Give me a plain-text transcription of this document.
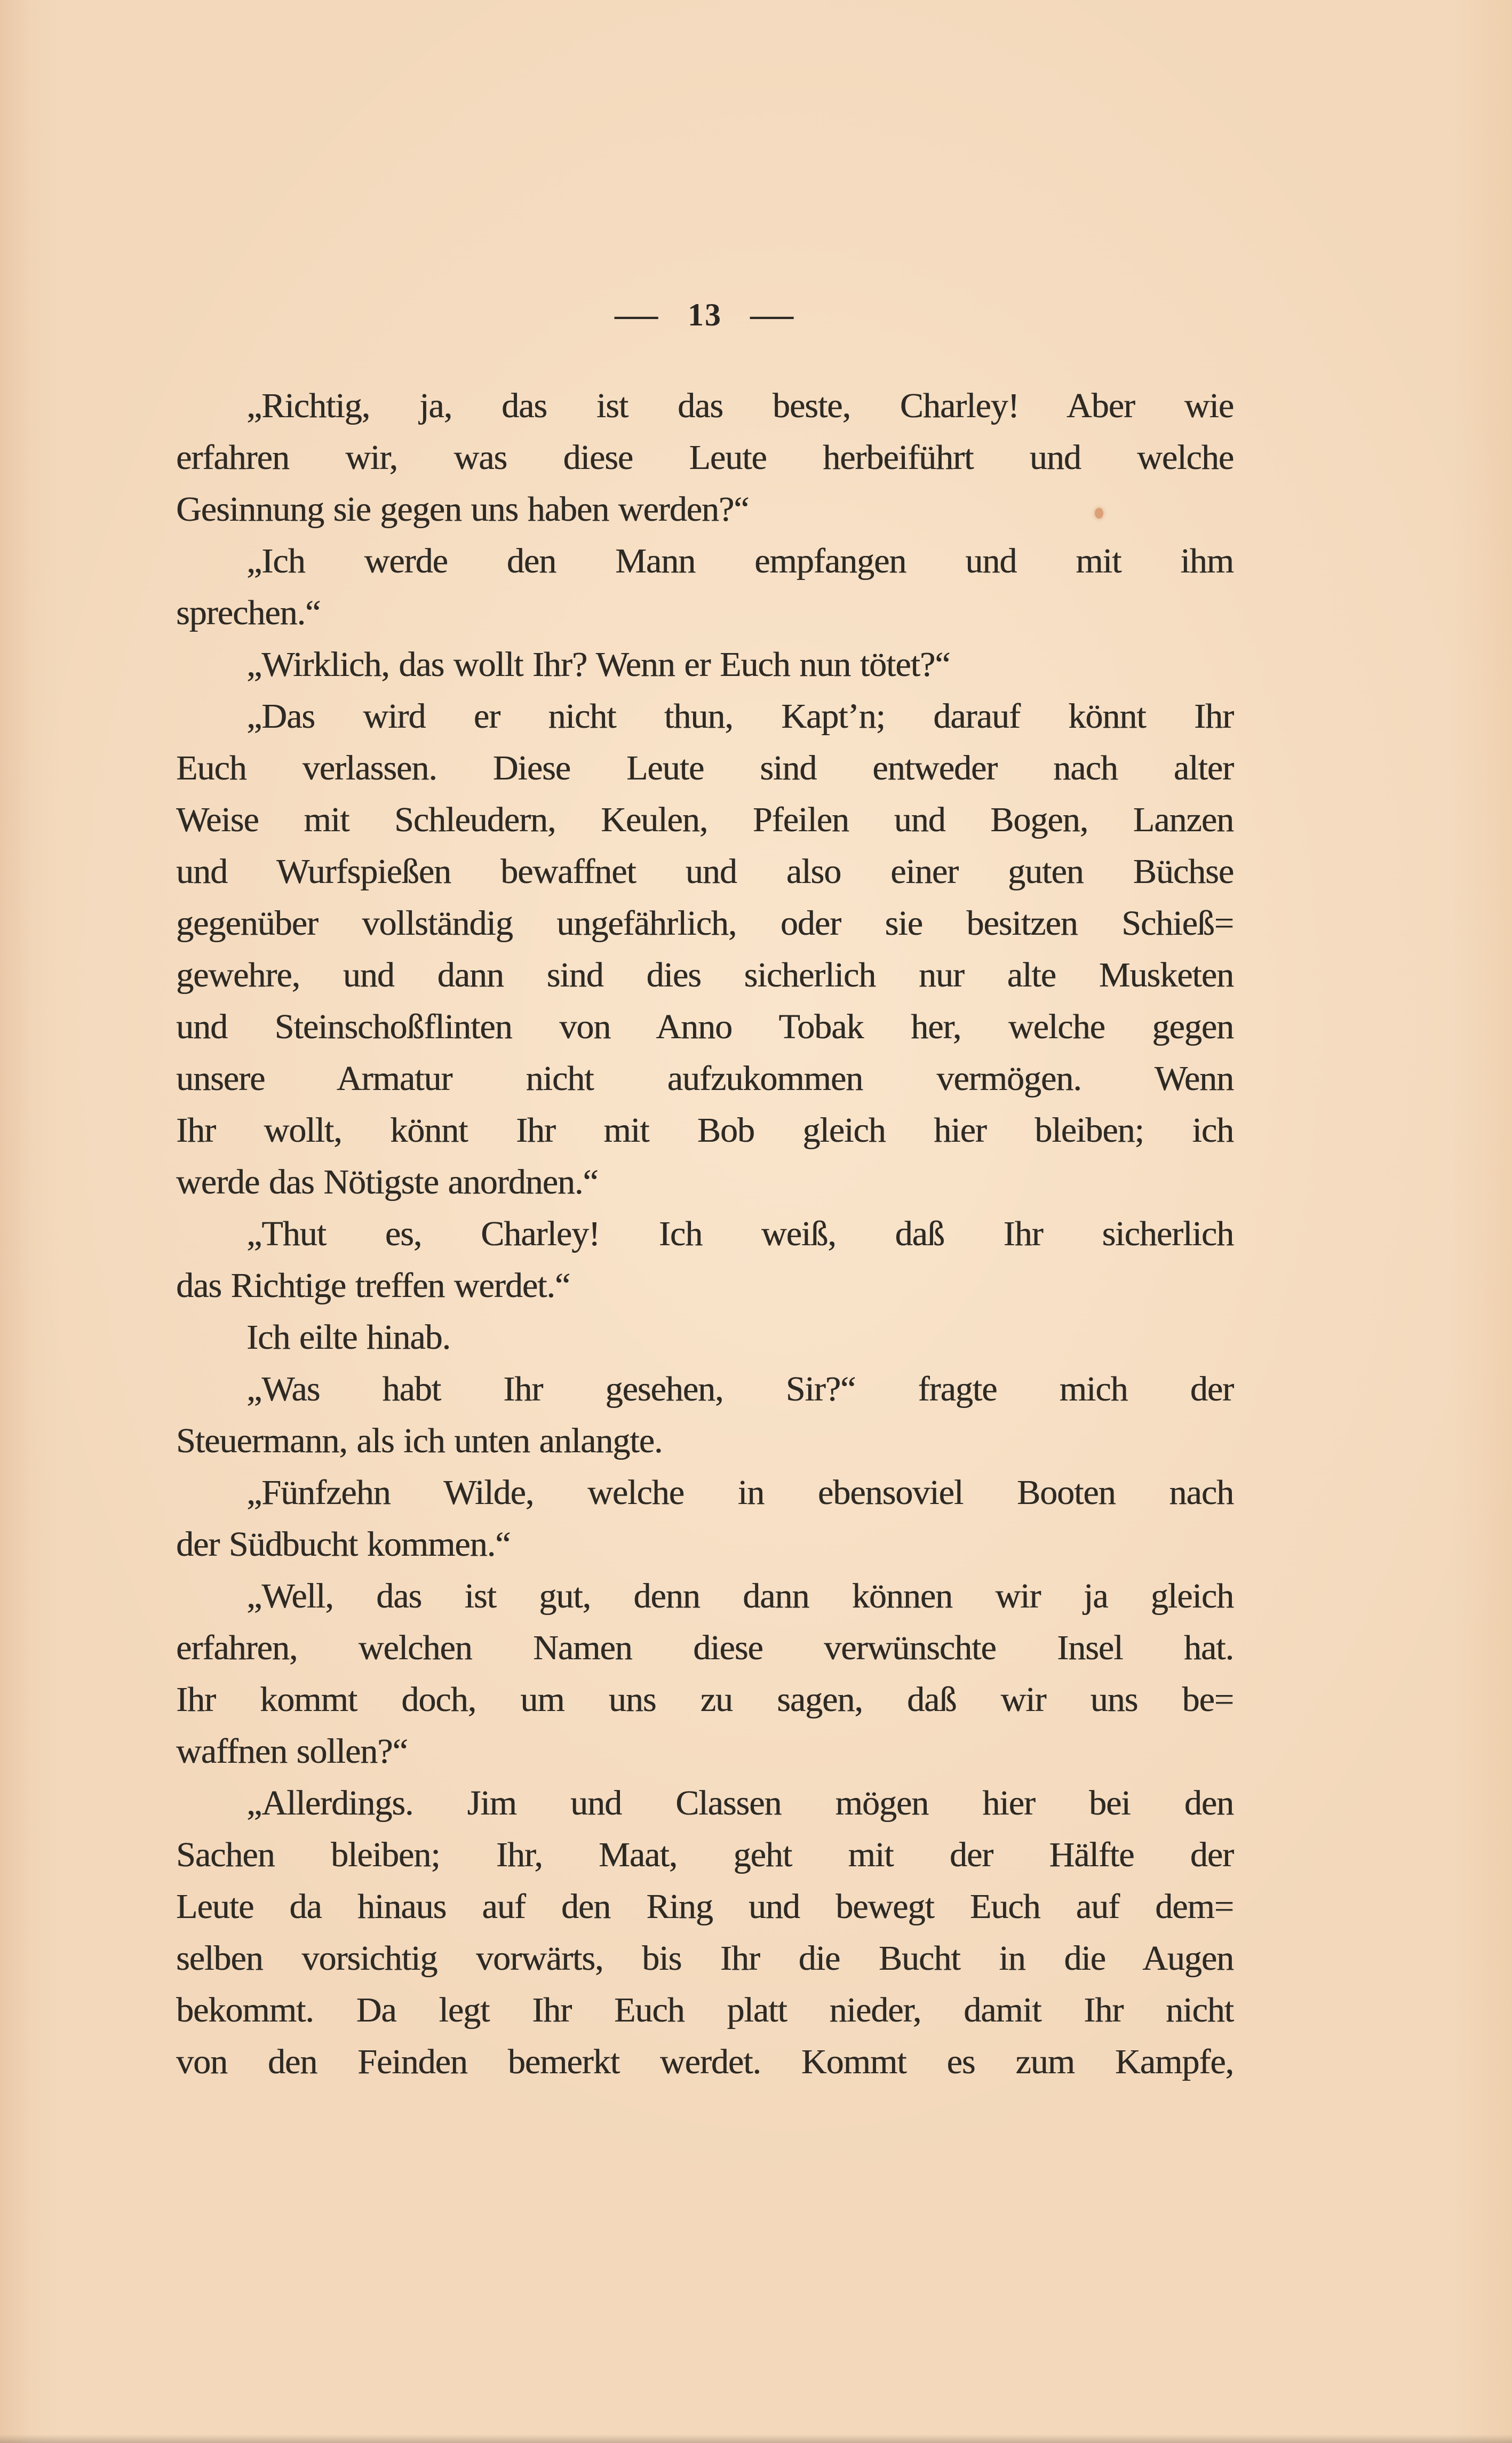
— 13 —
„Richtig, ja, das ist das beste, Charley! Aber wie
erfahren wir, was diese Leute herbeiführt und welche
Gesinnung sie gegen uns haben werden?“
„Ich werde den Mann empfangen und mit ihm
sprechen.“
„Wirklich, das wollt Ihr? Wenn er Euch nun tötet?“
„Das wird er nicht thun, Kapt’n; darauf könnt Ihr
Euch verlassen. Diese Leute sind entweder nach alter
Weise mit Schleudern, Keulen, Pfeilen und Bogen, Lanzen
und Wurfspießen bewaffnet und also einer guten Büchse
gegenüber vollständig ungefährlich, oder sie besitzen Schieß=
gewehre, und dann sind dies sicherlich nur alte Musketen
und Steinschoßflinten von Anno Tobak her, welche gegen
unsere Armatur nicht aufzukommen vermögen. Wenn
Ihr wollt, könnt Ihr mit Bob gleich hier bleiben; ich
werde das Nötigste anordnen.“
„Thut es, Charley! Ich weiß, daß Ihr sicherlich
das Richtige treffen werdet.“
Ich eilte hinab.
„Was habt Ihr gesehen, Sir?“ fragte mich der
Steuermann, als ich unten anlangte.
„Fünfzehn Wilde, welche in ebensoviel Booten nach
der Südbucht kommen.“
„Well, das ist gut, denn dann können wir ja gleich
erfahren, welchen Namen diese verwünschte Insel hat.
Ihr kommt doch, um uns zu sagen, daß wir uns be=
waffnen sollen?“
„Allerdings. Jim und Classen mögen hier bei den
Sachen bleiben; Ihr, Maat, geht mit der Hälfte der
Leute da hinaus auf den Ring und bewegt Euch auf dem=
selben vorsichtig vorwärts, bis Ihr die Bucht in die Augen
bekommt. Da legt Ihr Euch platt nieder, damit Ihr nicht
von den Feinden bemerkt werdet. Kommt es zum Kampfe,
